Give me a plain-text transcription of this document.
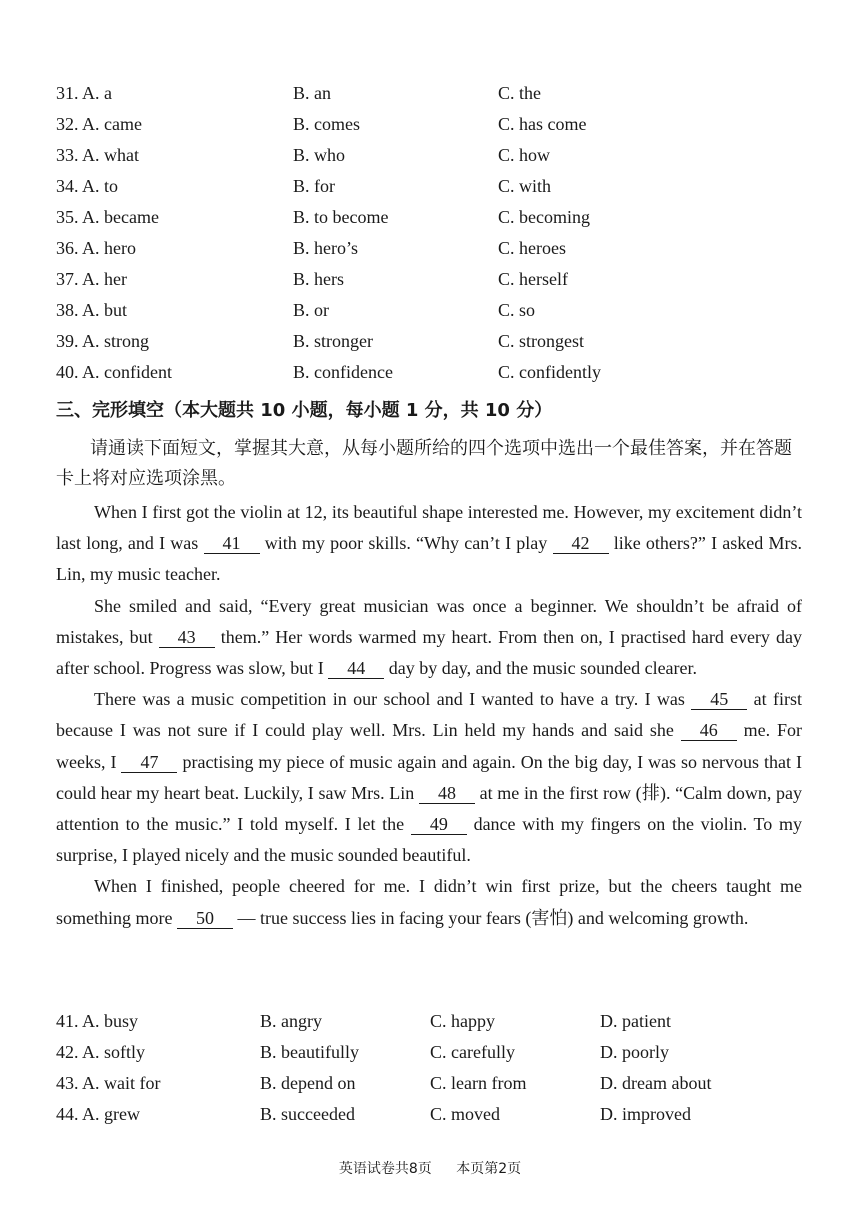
31. A. a	B. an	C. the
32. A. came	B. comes	C. has come
33. A. what	B. who	C. how
34. A. to	B. for	C. with
35. A. became	B. to become	C. becoming
36. A. hero	B. hero’s	C. heroes
37. A. her	B. hers	C. herself
38. A. but	B. or	C. so
39. A. strong	B. stronger	C. strongest
40. A. confident	B. confidence	C. confidently
三、完形填空（本大题共 10 小题，每小题 1 分，共 10 分）
请通读下面短文，掌握其大意，从每小题所给的四个选项中选出一个最佳答案，并在答题卡上将对应选项涂黑。

When I first got the violin at 12, its beautiful shape interested me. However, my excitement didn’t last long, and I was 41 with my poor skills. “Why can’t I play 42 like others?” I asked Mrs. Lin, my music teacher.

She smiled and said, “Every great musician was once a beginner. We shouldn’t be afraid of mistakes, but 43 them.” Her words warmed my heart. From then on, I practised hard every day after school. Progress was slow, but I 44 day by day, and the music sounded clearer.

There was a music competition in our school and I wanted to have a try. I was 45 at first because I was not sure if I could play well. Mrs. Lin held my hands and said she 46 me. For weeks, I 47 practising my piece of music again and again. On the big day, I was so nervous that I could hear my heart beat. Luckily, I saw Mrs. Lin 48 at me in the first row (排). “Calm down, pay attention to the music.” I told myself. I let the 49 dance with my fingers on the violin. To my surprise, I played nicely and the music sounded beautiful.

When I finished, people cheered for me. I didn’t win first prize, but the cheers taught me something more 50 — true success lies in facing your fears (害怕) and welcoming growth.

41. A. busy	B. angry	C. happy	D. patient
42. A. softly	B. beautifully	C. carefully	D. poorly
43. A. wait for	B. depend on	C. learn from	D. dream about
44. A. grew	B. succeeded	C. moved	D. improved
英语试卷共8页 本页第2页
